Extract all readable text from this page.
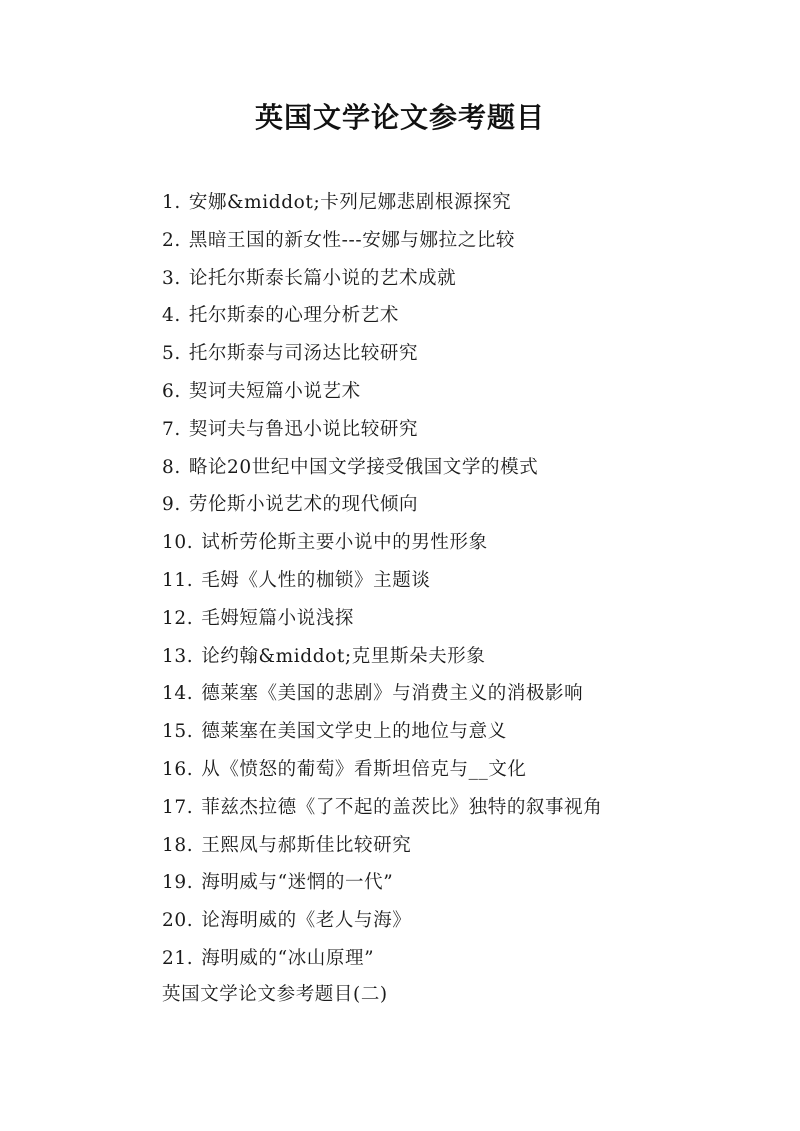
英国文学论文参考题目
1. 安娜&middot;卡列尼娜悲剧根源探究
2. 黑暗王国的新女性---安娜与娜拉之比较
3. 论托尔斯泰长篇小说的艺术成就
4. 托尔斯泰的心理分析艺术
5. 托尔斯泰与司汤达比较研究
6. 契诃夫短篇小说艺术
7. 契诃夫与鲁迅小说比较研究
8. 略论20世纪中国文学接受俄国文学的模式
9. 劳伦斯小说艺术的现代倾向
10. 试析劳伦斯主要小说中的男性形象
11. 毛姆《人性的枷锁》主题谈
12. 毛姆短篇小说浅探
13. 论约翰&middot;克里斯朵夫形象
14. 德莱塞《美国的悲剧》与消费主义的消极影响
15. 德莱塞在美国文学史上的地位与意义
16. 从《愤怒的葡萄》看斯坦倍克与__文化
17. 菲兹杰拉德《了不起的盖茨比》独特的叙事视角
18. 王熙凤与郝斯佳比较研究
19. 海明威与“迷惘的一代”
20. 论海明威的《老人与海》
21. 海明威的“冰山原理”
英国文学论文参考题目(二)
